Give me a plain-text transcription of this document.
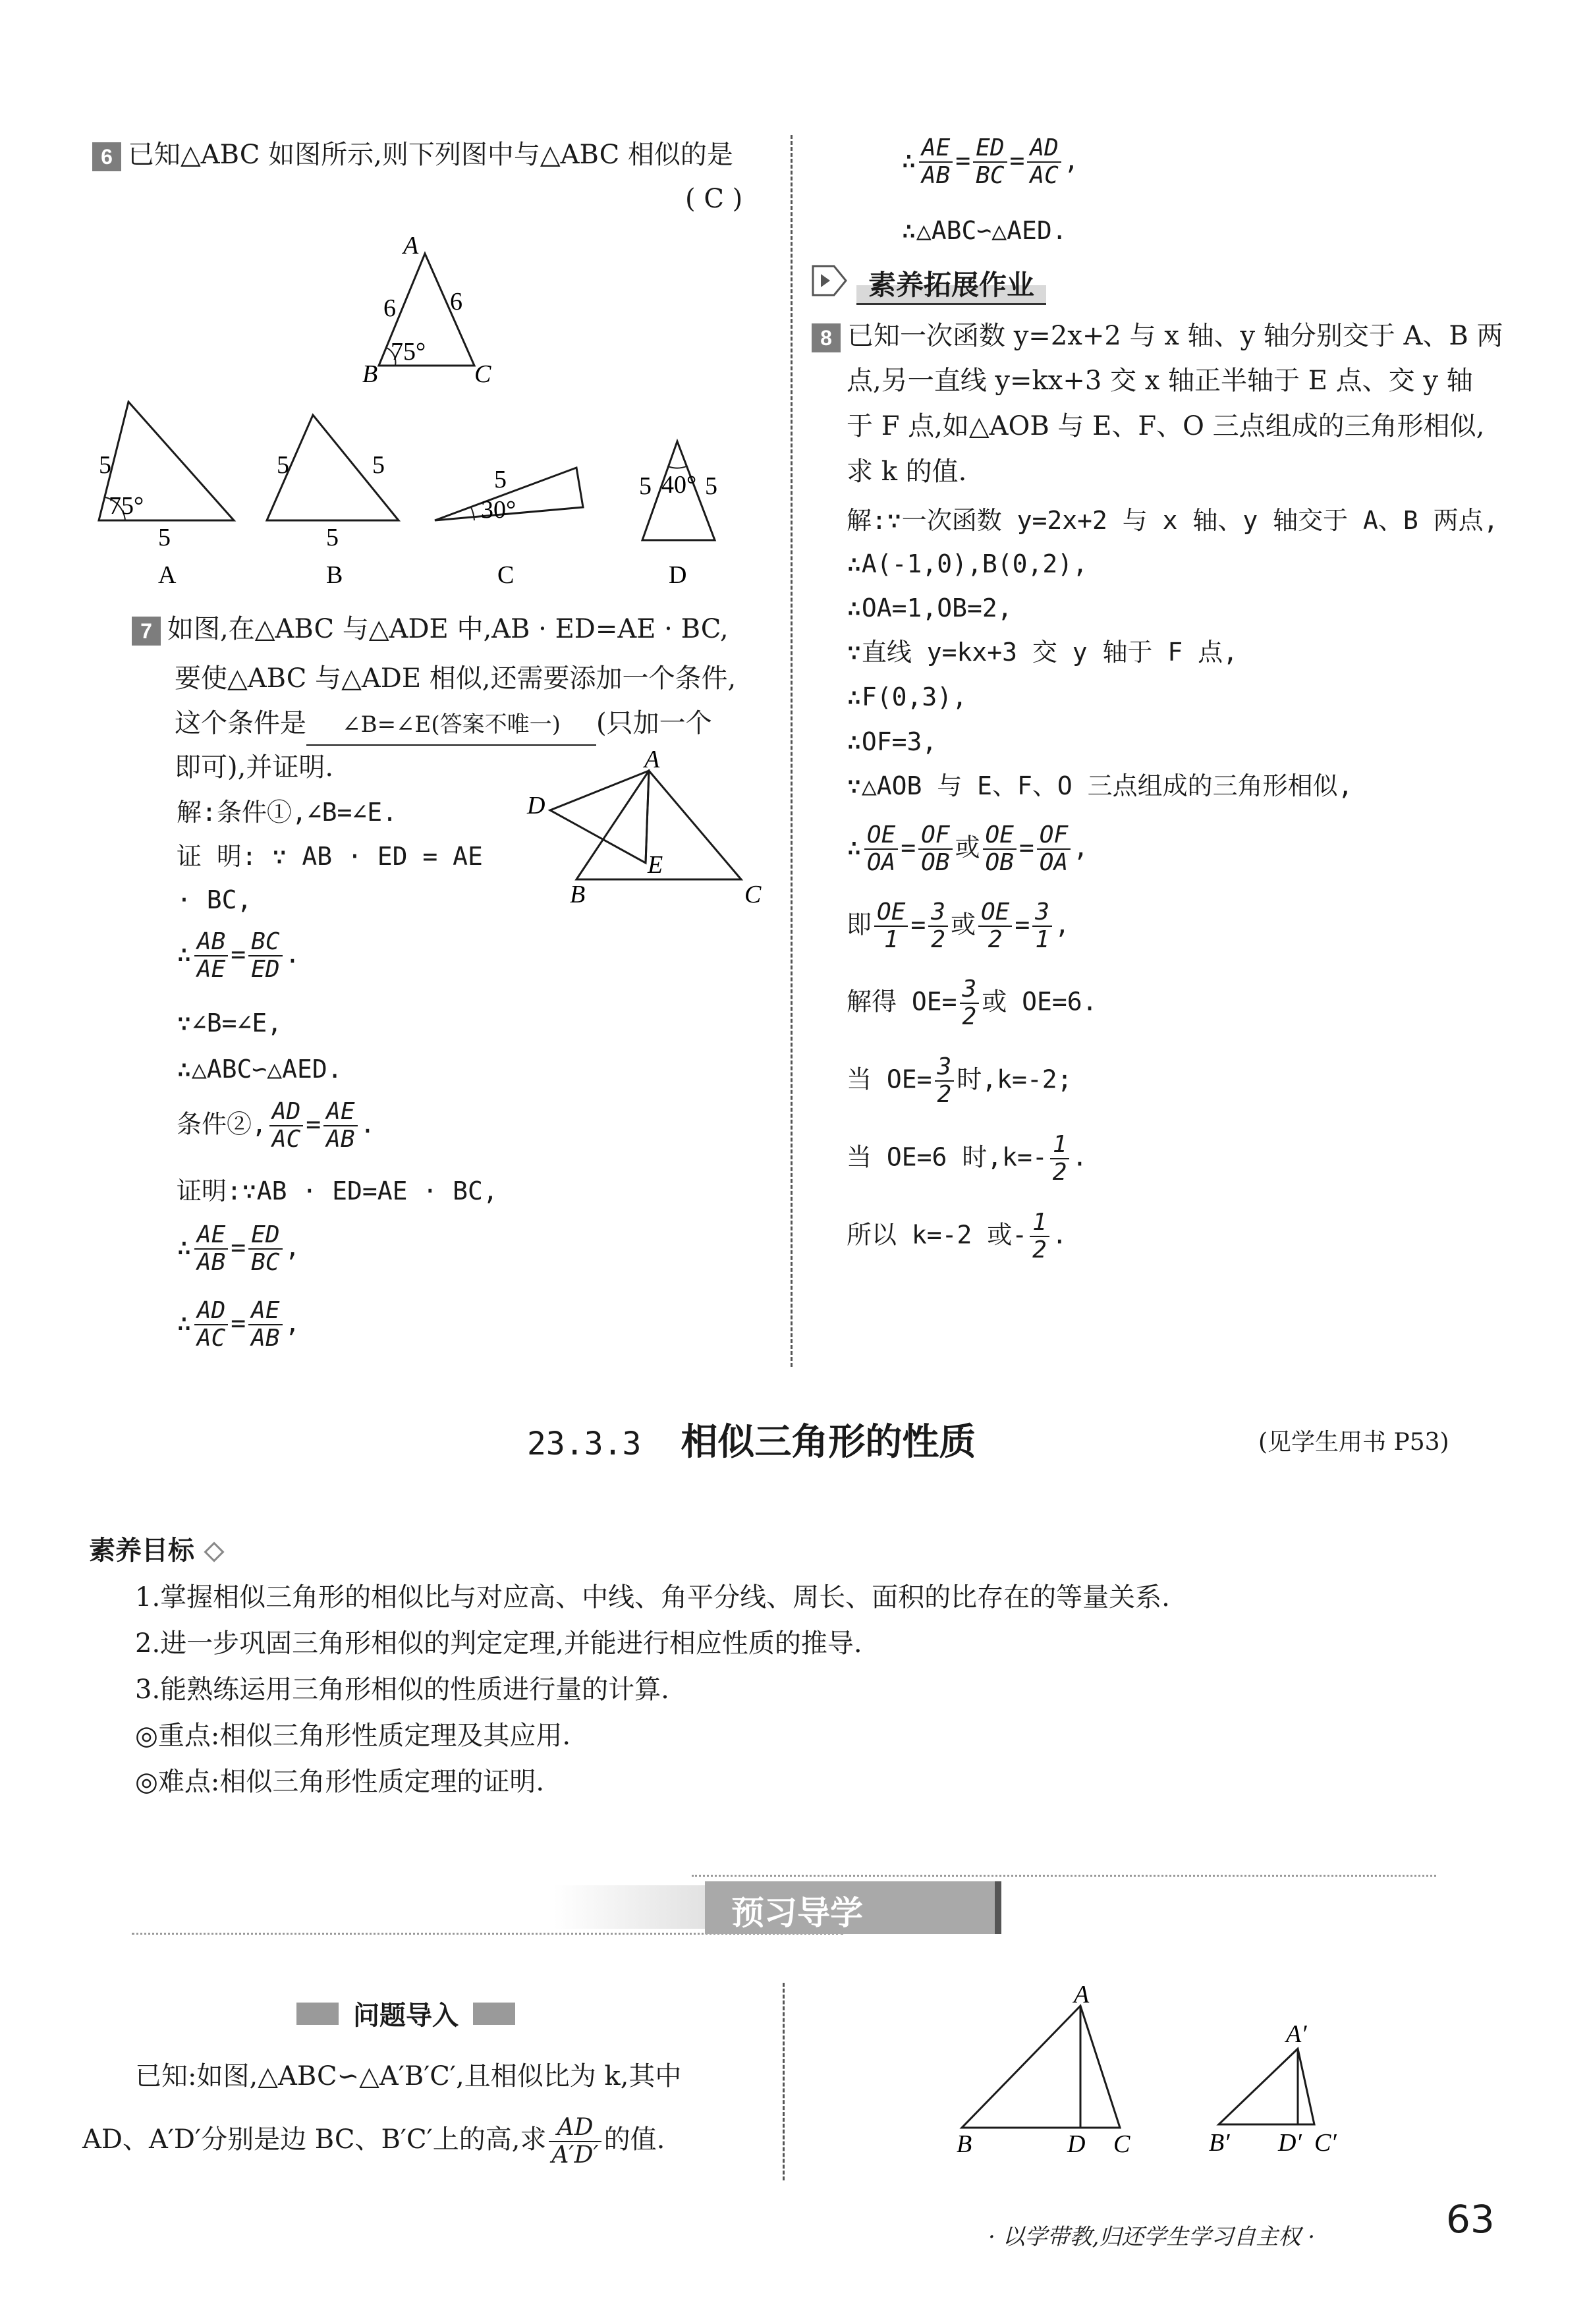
6 已知△ABC 如图所示,则下列图中与△ABC 相似的是
( C )
A
B	C
6 6
75°
5
75°
5
A
5	5
5
B
5
30°
C
5 40° 5
D
7 如图,在△ABC 与△ADE 中,AB · ED=AE · BC,
要使△ABC 与△ADE 相似,还需要添加一个条件,
这个条件是 ∠B=∠E(答案不唯一) (只加一个
即可),并证明.
解:条件①,∠B=∠E.
证 明: ∵ AB · ED = AE
· BC,
∴ $\frac{AB}{AE} = \frac{BC}{ED}$ .
∵∠B=∠E,
∴△ABC∽△AED.
条件②, $\frac{AD}{AC} = \frac{AE}{AB}$ .
证明:∵AB · ED=AE · BC,
∴ $\frac{AE}{AB} = \frac{ED}{BC}$ ,
∴ $\frac{AD}{AC} = \frac{AE}{AB}$ ,
A
D
E
B	C
∴ $\frac{AE}{AB} = \frac{ED}{BC} = \frac{AD}{AC}$ ,
∴△ABC∽△AED.
素养拓展作业
8 已知一次函数 y=2x+2 与 x 轴、y 轴分别交于 A、B 两
点,另一直线 y=kx+3 交 x 轴正半轴于 E 点、交 y 轴
于 F 点,如△AOB 与 E、F、O 三点组成的三角形相似,
求 k 的值.
解:∵一次函数 y=2x+2 与 x 轴、y 轴交于 A、B 两点,
∴A(-1,0),B(0,2),
∴OA=1,OB=2,
∵直线 y=kx+3 交 y 轴于 F 点,
∴F(0,3),
∴OF=3,
∵△AOB 与 E、F、O 三点组成的三角形相似,
∴ $\frac{OE}{OA} = \frac{OF}{OB}$ 或 $\frac{OE}{OB} = \frac{OF}{OA}$ ,
即 $\frac{OE}{1} = \frac{3}{2}$ 或 $\frac{OE}{2} = \frac{3}{1}$ ,
解得 $OE= \frac{3}{2}$ 或 OE=6.
当 $OE= \frac{3}{2}$ 时,k=-2;
当 OE=6 时$,k=- \frac{1}{2}$ .
所以 k=-2 或- $\frac{1}{2}$ .
23.3.3 相似三角形的性质	(见学生用书 P53)
素养目标
1.掌握相似三角形的相似比与对应高、中线、角平分线、周长、面积的比存在的等量关系.
2.进一步巩固三角形相似的判定定理,并能进行相应性质的推导.
3.能熟练运用三角形相似的性质进行量的计算.
◎重点:相似三角形性质定理及其应用.
◎难点:相似三角形性质定理的证明.
预习导学
问题导入
已知:如图,△ABC∽△A′B′C′,且相似比为 k,其中
AD、A′D′分别是边 BC、B′C′上的高,求 $\frac{AD}{A'D'}$ 的值.
A
B	D C
A′
B′ D′ C′
· 以学带教,归还学生学习自主权 ·	63
